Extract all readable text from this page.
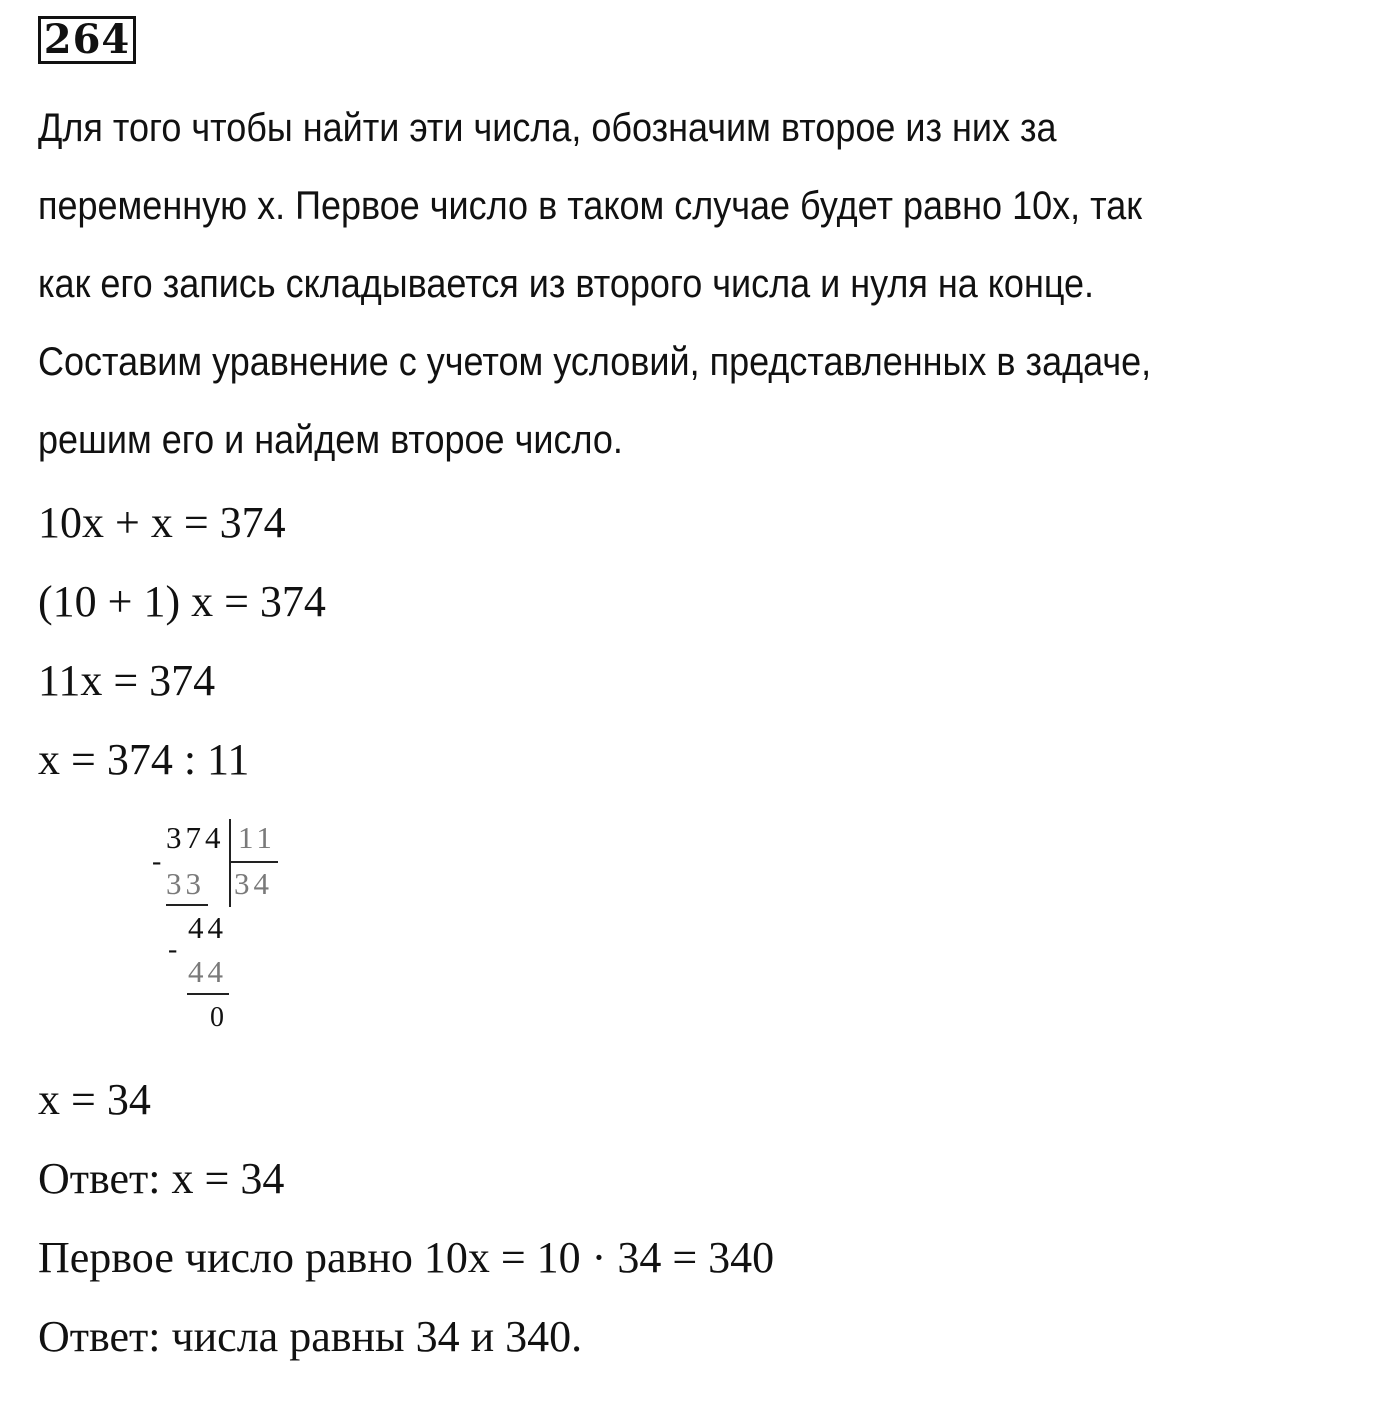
264
Для того чтобы найти эти числа, обозначим второе из них за
переменную х. Первое число в таком случае будет равно 10х, так
как его запись складывается из второго числа и нуля на конце.
Составим уравнение с учетом условий, представленных в задаче,
решим его и найдем второе число.
10x + x = 374
(10 + 1) x = 374
11x = 374
x = 374 : 11
374 11
34
-
33
44
-
44
0
x = 34
Ответ: x = 34
Первое число равно 10x = 10 · 34 = 340
Ответ: числа равны 34 и 340.
